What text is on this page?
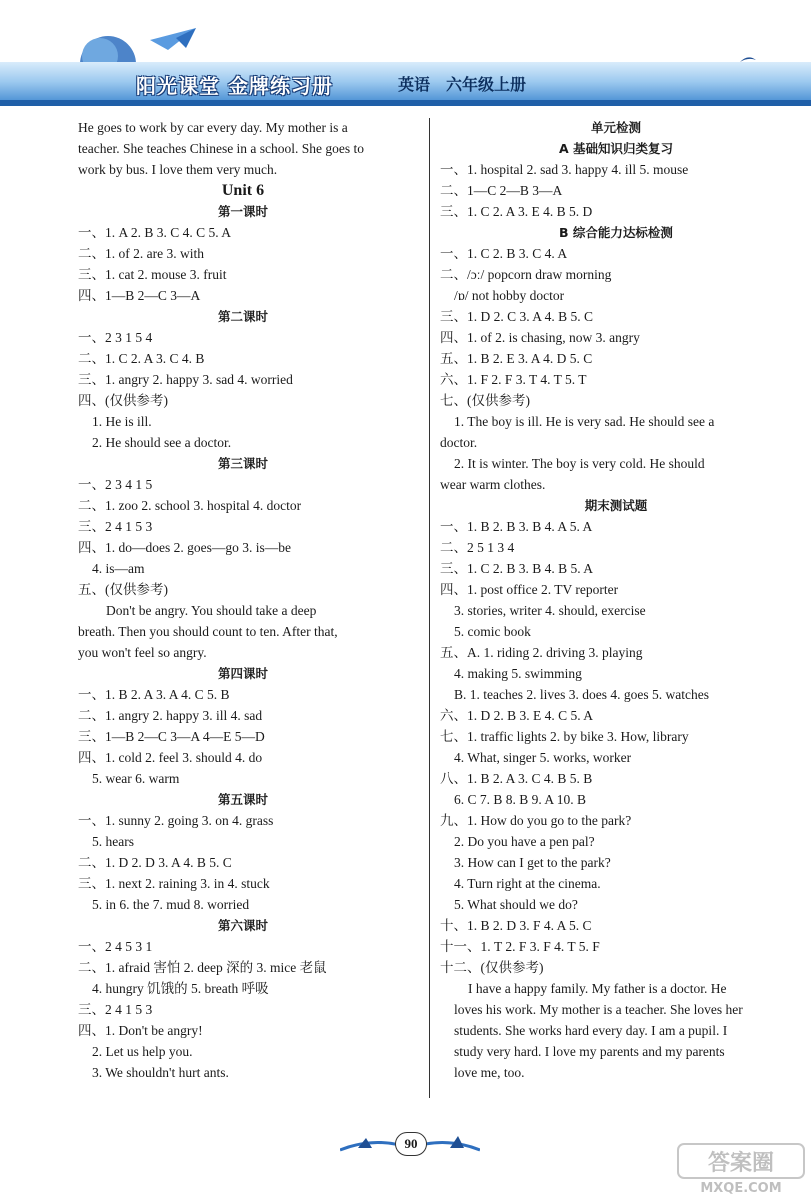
阳光课堂 金牌练习册	英语 六年级上册
He goes to work by car every day. My mother is a
teacher. She teaches Chinese in a school. She goes to
work by bus. I love them very much.
Unit 6
第一课时
一、1. A 2. B 3. C 4. C 5. A
二、1. of 2. are 3. with
三、1. cat 2. mouse 3. fruit
四、1—B 2—C 3—A
第二课时
一、2 3 1 5 4
二、1. C 2. A 3. C 4. B
三、1. angry 2. happy 3. sad 4. worried
四、(仅供参考)
1. He is ill.
2. He should see a doctor.
第三课时
一、2 3 4 1 5
二、1. zoo 2. school 3. hospital 4. doctor
三、2 4 1 5 3
四、1. do—does 2. goes—go 3. is—be
4. is—am
五、(仅供参考)
Don't be angry. You should take a deep
breath. Then you should count to ten. After that,
you won't feel so angry.
第四课时
一、1. B 2. A 3. A 4. C 5. B
二、1. angry 2. happy 3. ill 4. sad
三、1—B 2—C 3—A 4—E 5—D
四、1. cold 2. feel 3. should 4. do
5. wear 6. warm
第五课时
一、1. sunny 2. going 3. on 4. grass
5. hears
二、1. D 2. D 3. A 4. B 5. C
三、1. next 2. raining 3. in 4. stuck
5. in 6. the 7. mud 8. worried
第六课时
一、2 4 5 3 1
二、1. afraid 害怕 2. deep 深的 3. mice 老鼠
4. hungry 饥饿的 5. breath 呼吸
三、2 4 1 5 3
四、1. Don't be angry!
2. Let us help you.
3. We shouldn't hurt ants.
单元检测
A 基础知识归类复习
一、1. hospital 2. sad 3. happy 4. ill 5. mouse
二、1—C 2—B 3—A
三、1. C 2. A 3. E 4. B 5. D
B 综合能力达标检测
一、1. C 2. B 3. C 4. A
二、/ɔː/ popcorn draw morning
/ɒ/ not hobby doctor
三、1. D 2. C 3. A 4. B 5. C
四、1. of 2. is chasing, now 3. angry
五、1. B 2. E 3. A 4. D 5. C
六、1. F 2. F 3. T 4. T 5. T
七、(仅供参考)
1. The boy is ill. He is very sad. He should see a
doctor.
2. It is winter. The boy is very cold. He should
wear warm clothes.
期末测试题
一、1. B 2. B 3. B 4. A 5. A
二、2 5 1 3 4
三、1. C 2. B 3. B 4. B 5. A
四、1. post office 2. TV reporter
3. stories, writer 4. should, exercise
5. comic book
五、A. 1. riding 2. driving 3. playing
4. making 5. swimming
B. 1. teaches 2. lives 3. does 4. goes 5. watches
六、1. D 2. B 3. E 4. C 5. A
七、1. traffic lights 2. by bike 3. How, library
4. What, singer 5. works, worker
八、1. B 2. A 3. C 4. B 5. B
6. C 7. B 8. B 9. A 10. B
九、1. How do you go to the park?
2. Do you have a pen pal?
3. How can I get to the park?
4. Turn right at the cinema.
5. What should we do?
十、1. B 2. D 3. F 4. A 5. C
十一、1. T 2. F 3. F 4. T 5. F
十二、(仅供参考)
I have a happy family. My father is a doctor. He
loves his work. My mother is a teacher. She loves her
students. She works hard every day. I am a pupil. I
study very hard. I love my parents and my parents
love me, too.
90
答案圈
MXQE.COM
